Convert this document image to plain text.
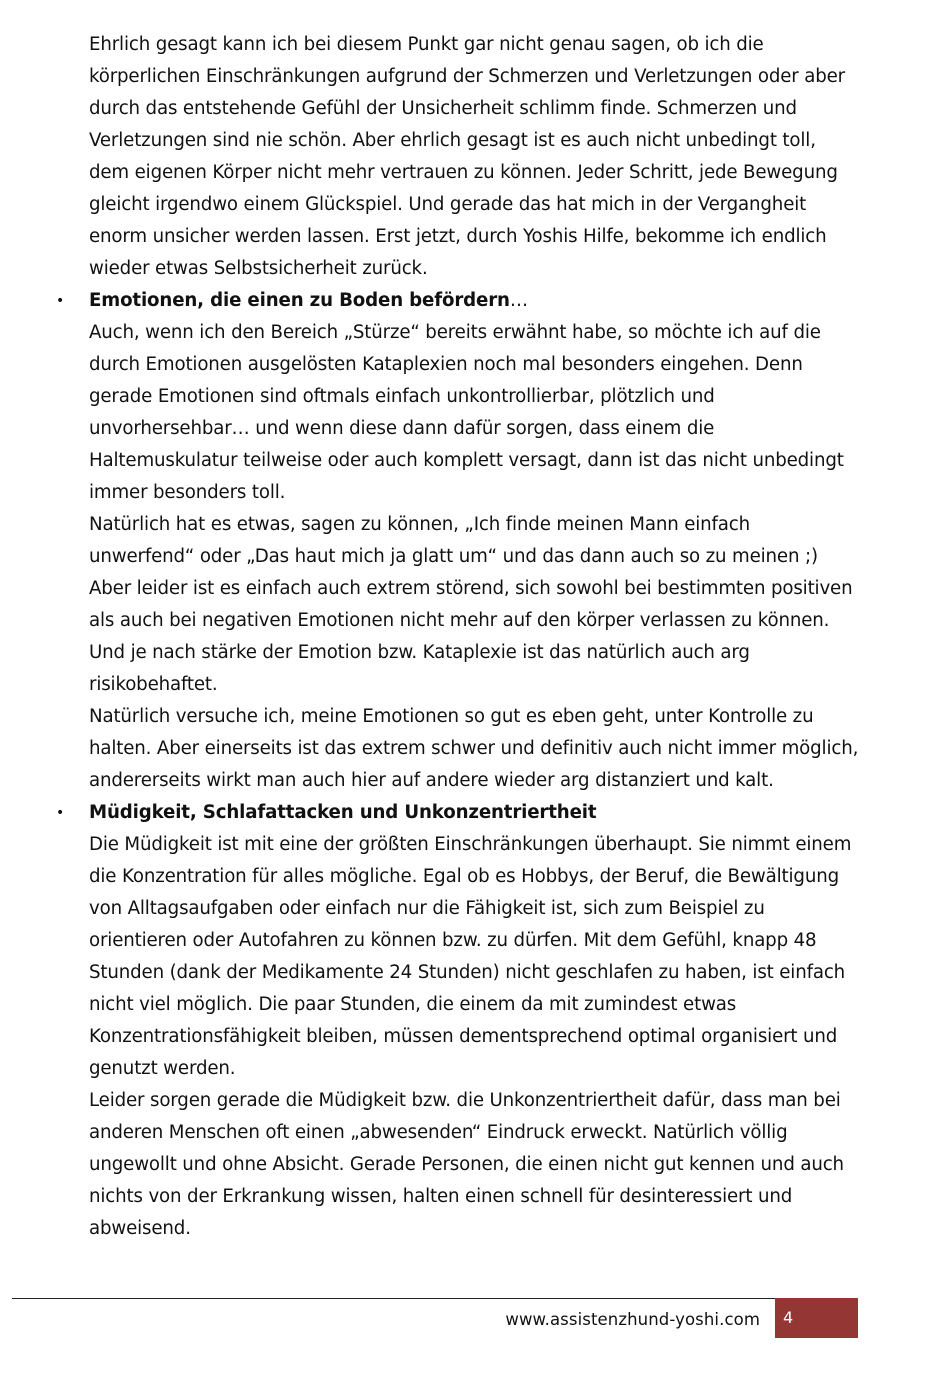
Ehrlich gesagt kann ich bei diesem Punkt gar nicht genau sagen, ob ich die körperlichen Einschränkungen aufgrund der Schmerzen und Verletzungen oder aber durch das entstehende Gefühl der Unsicherheit schlimm finde. Schmerzen und Verletzungen sind nie schön. Aber ehrlich gesagt ist es auch nicht unbedingt toll, dem eigenen Körper nicht mehr vertrauen zu können. Jeder Schritt, jede Bewegung gleicht irgendwo einem Glückspiel. Und gerade das hat mich in der Vergangheit enorm unsicher werden lassen. Erst jetzt, durch Yoshis Hilfe, bekomme ich endlich wieder etwas Selbstsicherheit zurück.

• Emotionen, die einen zu Boden befördern…

Auch, wenn ich den Bereich „Stürze“ bereits erwähnt habe, so möchte ich auf die durch Emotionen ausgelösten Kataplexien noch mal besonders eingehen. Denn gerade Emotionen sind oftmals einfach unkontrollierbar, plötzlich und unvorhersehbar… und wenn diese dann dafür sorgen, dass einem die Haltemuskulatur teilweise oder auch komplett versagt, dann ist das nicht unbedingt immer besonders toll.

Natürlich hat es etwas, sagen zu können, „Ich finde meinen Mann einfach unwerfend“ oder „Das haut mich ja glatt um“ und das dann auch so zu meinen ;) Aber leider ist es einfach auch extrem störend, sich sowohl bei bestimmten positiven als auch bei negativen Emotionen nicht mehr auf den körper verlassen zu können. Und je nach stärke der Emotion bzw. Kataplexie ist das natürlich auch arg risikobehaftet.

Natürlich versuche ich, meine Emotionen so gut es eben geht, unter Kontrolle zu halten. Aber einerseits ist das extrem schwer und definitiv auch nicht immer möglich, andererseits wirkt man auch hier auf andere wieder arg distanziert und kalt.

• Müdigkeit, Schlafattacken und Unkonzentriertheit

Die Müdigkeit ist mit eine der größten Einschränkungen überhaupt. Sie nimmt einem die Konzentration für alles mögliche. Egal ob es Hobbys, der Beruf, die Bewältigung von Alltagsaufgaben oder einfach nur die Fähigkeit ist, sich zum Beispiel zu orientieren oder Autofahren zu können bzw. zu dürfen. Mit dem Gefühl, knapp 48 Stunden (dank der Medikamente 24 Stunden) nicht geschlafen zu haben, ist einfach nicht viel möglich. Die paar Stunden, die einem da mit zumindest etwas Konzentrationsfähigkeit bleiben, müssen dementsprechend optimal organisiert und genutzt werden.

Leider sorgen gerade die Müdigkeit bzw. die Unkonzentriertheit dafür, dass man bei anderen Menschen oft einen „abwesenden“ Eindruck erweckt. Natürlich völlig ungewollt und ohne Absicht. Gerade Personen, die einen nicht gut kennen und auch nichts von der Erkrankung wissen, halten einen schnell für desinteressiert und abweisend.

www.assistenzhund-yoshi.com 4
